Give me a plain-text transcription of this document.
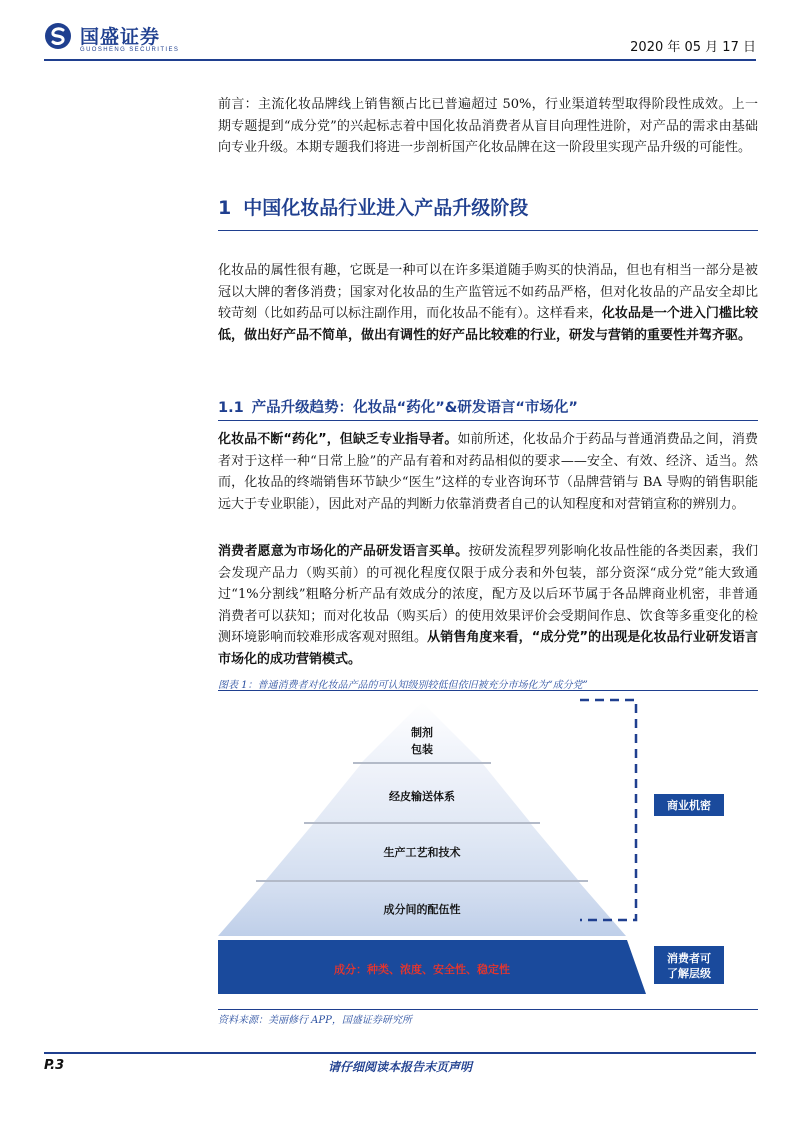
国盛证券
GUOSHENG SECURITIES	2020 年 05 月 17 日
前言：主流化妆品牌线上销售额占比已普遍超过 50%，行业渠道转型取得阶段性成效。上一期专题提到“成分党”的兴起标志着中国化妆品消费者从盲目向理性进阶，对产品的需求由基础向专业升级。本期专题我们将进一步剖析国产化妆品牌在这一阶段里实现产品升级的可能性。
1 中国化妆品行业进入产品升级阶段
化妆品的属性很有趣，它既是一种可以在许多渠道随手购买的快消品，但也有相当一部分是被冠以大牌的奢侈消费；国家对化妆品的生产监管远不如药品严格，但对化妆品的产品安全却比较苛刻（比如药品可以标注副作用，而化妆品不能有）。这样看来，化妆品是一个进入门槛比较低，做出好产品不简单，做出有调性的好产品比较难的行业，研发与营销的重要性并驾齐驱。
1.1 产品升级趋势：化妆品“药化”&研发语言“市场化”
化妆品不断“药化”，但缺乏专业指导者。如前所述，化妆品介于药品与普通消费品之间，消费者对于这样一种“日常上脸”的产品有着和对药品相似的要求——安全、有效、经济、适当。然而，化妆品的终端销售环节缺少“医生”这样的专业咨询环节（品牌营销与 BA 导购的销售职能远大于专业职能），因此对产品的判断力依靠消费者自己的认知程度和对营销宣称的辨别力。
消费者愿意为市场化的产品研发语言买单。按研发流程罗列影响化妆品性能的各类因素，我们会发现产品力（购买前）的可视化程度仅限于成分表和外包装，部分资深“成分党”能大致通过“1%分割线”粗略分析产品有效成分的浓度，配方及以后环节属于各品牌商业机密，非普通消费者可以获知；而对化妆品（购买后）的使用效果评价会受期间作息、饮食等多重变化的检测环境影响而较难形成客观对照组。从销售角度来看，“成分党”的出现是化妆品行业研发语言市场化的成功营销模式。
图表 1：普通消费者对化妆品产品的可认知级别较低但依旧被充分市场化为“成分党”
制剂
包装
经皮输送体系
生产工艺和技术
成分间的配伍性
成分：种类、浓度、安全性、稳定性
商业机密
消费者可
了解层级
资料来源：美丽修行 APP，国盛证券研究所
P.3	请仔细阅读本报告末页声明
